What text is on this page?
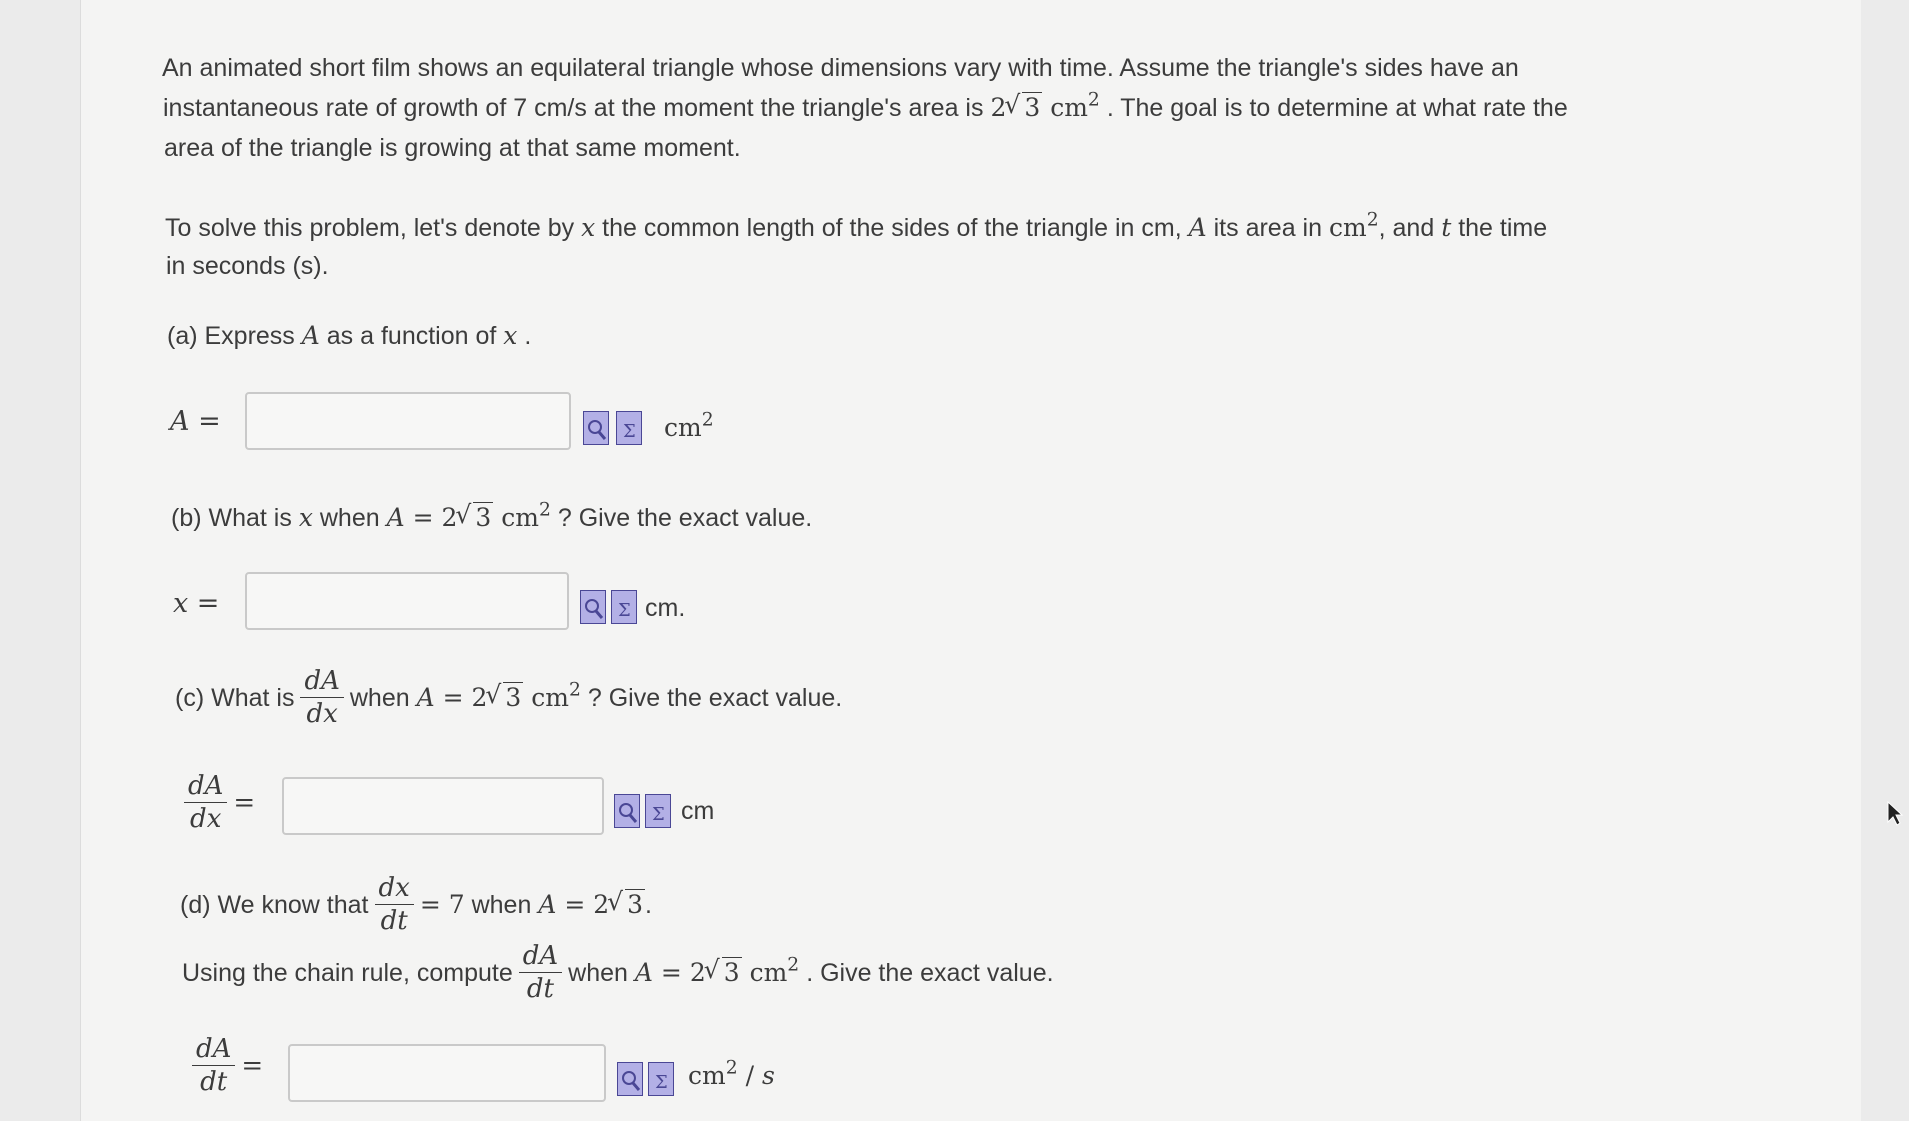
An animated short film shows an equilateral triangle whose dimensions vary with time. Assume the triangle's sides have an
instantaneous rate of growth of 7 cm/s at the moment the triangle's area is 2 √ 3 $cm^2$ . The goal is to determine at what rate the
area of the triangle is growing at that same moment.
To solve this problem, let's denote by x the common length of the sides of the triangle in cm, A its area in $cm^2$, and t the time
in seconds (s).
(a) Express A as a function of x .
A =	Σ $cm^2$
(b) What is x when A = 2 √ 3 $cm^2$ ? Give the exact value.
x =	Σ cm.
(c) What is $\frac{dA}{dx}$ when
A = 2 √ 3 $cm^2$
? Give the exact value.
$\frac{dA}{dx}$ =	Σ cm
(d) We know that $\frac{dx}{dt} = 7$
when
A = 2 √ 3 .
Using the chain rule, compute $\frac{dA}{dt}$ when
A = 2 √ 3 $cm^2$
. Give the exact value.
$\frac{dA}{dt}$ =
Σ $cm^2$ / s
